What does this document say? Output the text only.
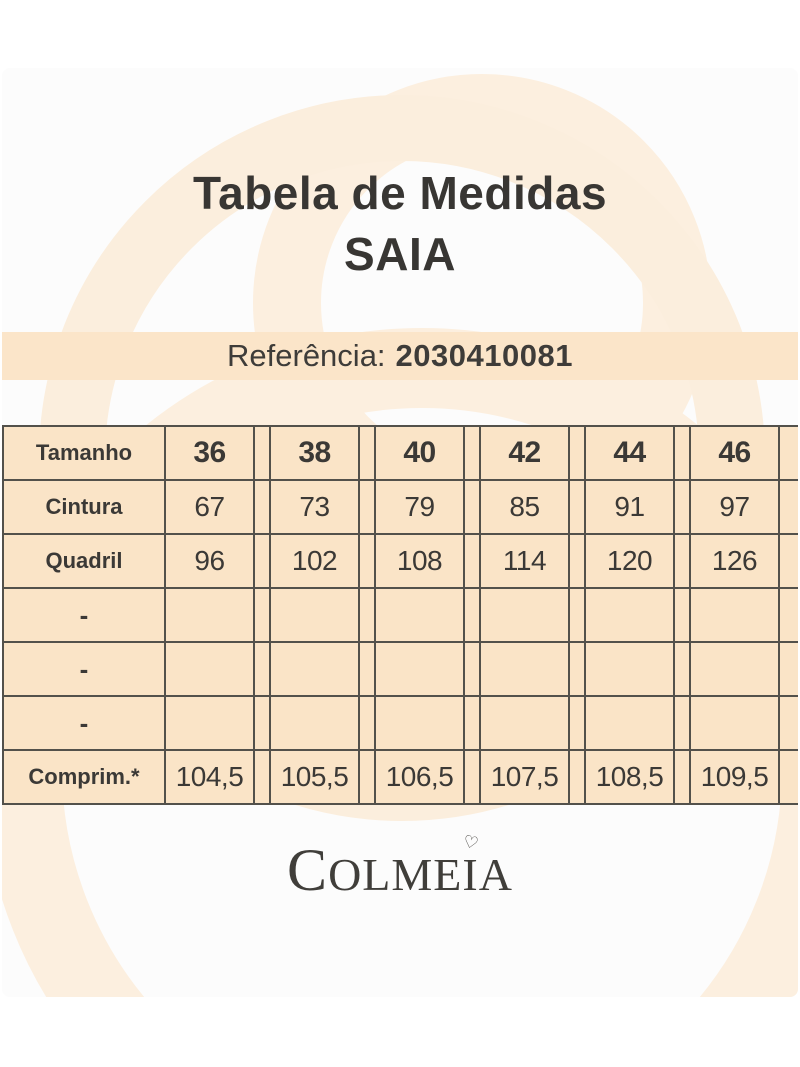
Tabela de Medidas
SAIA
Referência: 2030410081
Tamanho	36		38		40		42		44		46	
Cintura	67		73		79		85		91		97	
Quadril	96		102		108		114		120		126	
-												
-												
-												
Comprim.*	104,5		105,5		106,5		107,5		108,5		109,5	
COLMEI
♡
A
